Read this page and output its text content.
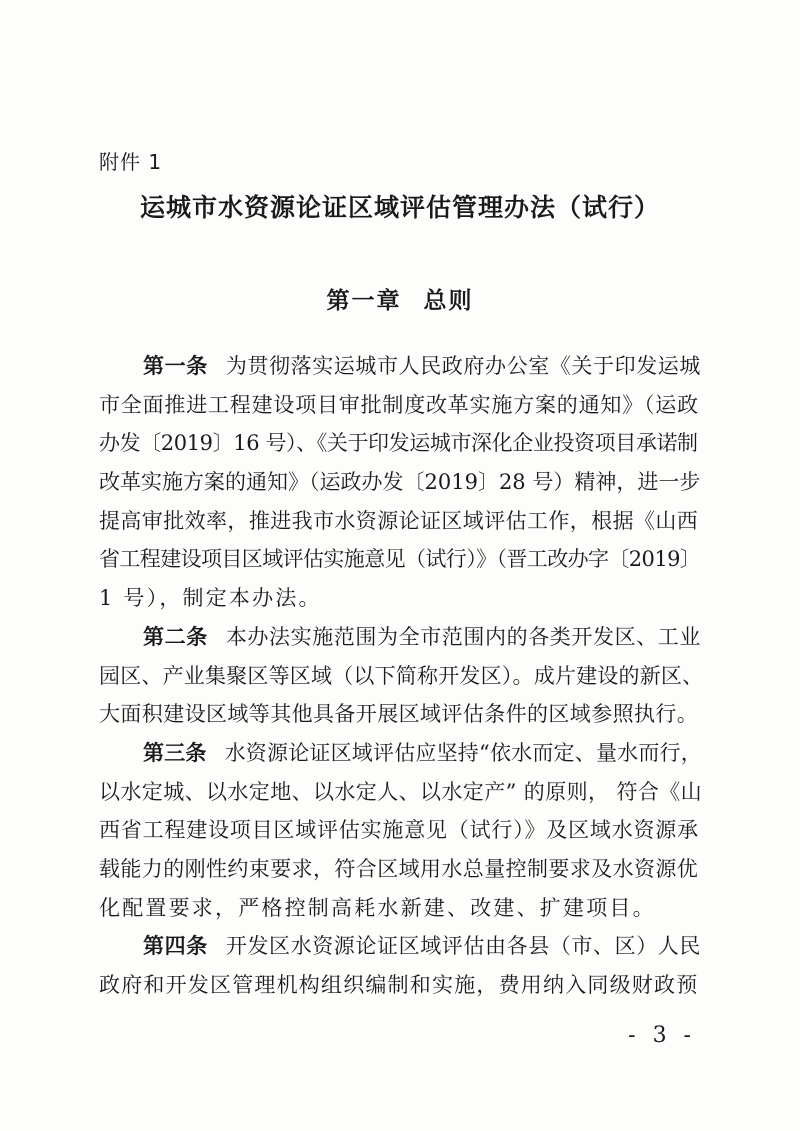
附件 1
运城市水资源论证区域评估管理办法（试行）
第一章 总则
第一条 为贯彻落实运城市人民政府办公室《关于印发运城
市全面推进工程建设项目审批制度改革实施方案的通知》（运政
办发〔2019〕16 号）、《关于印发运城市深化企业投资项目承诺制
改革实施方案的通知》（运政办发〔2019〕28 号）精神，进一步
提高审批效率，推进我市水资源论证区域评估工作，根据《山西
省工程建设项目区域评估实施意见（试行）》（晋工改办字〔2019〕
1 号），制定本办法。
第二条 本办法实施范围为全市范围内的各类开发区、工业
园区、产业集聚区等区域（以下简称开发区）。成片建设的新区、
大面积建设区域等其他具备开展区域评估条件的区域参照执行。
第三条 水资源论证区域评估应坚持“依水而定、量水而行，
以水定城、以水定地、以水定人、以水定产” 的原则， 符合《山
西省工程建设项目区域评估实施意见（试行）》及区域水资源承
载能力的刚性约束要求，符合区域用水总量控制要求及水资源优
化配置要求，严格控制高耗水新建、改建、扩建项目。
第四条 开发区水资源论证区域评估由各县（市、区）人民
政府和开发区管理机构组织编制和实施，费用纳入同级财政预
- 3 -
